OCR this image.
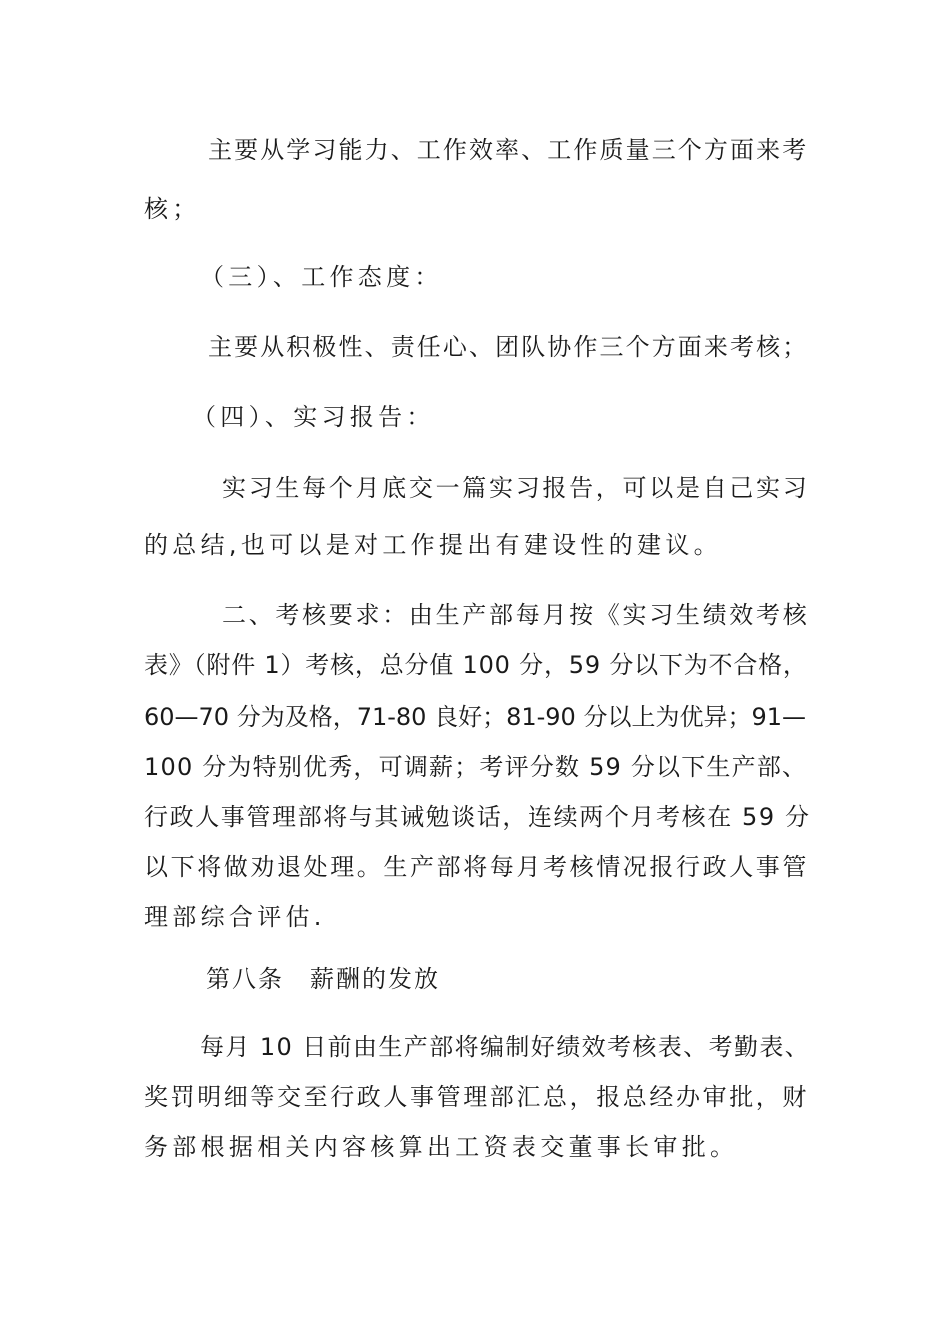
主要从学习能力、工作效率、工作质量三个方面来考

核；

（三）、工作态度：

主要从积极性、责任心、团队协作三个方面来考核；

（四）、实习报告：

实习生每个月底交一篇实习报告，可以是自己实习

的总结,也可以是对工作提出有建设性的建议。

二、考核要求：由生产部每月按《实习生绩效考核

表》（附件 1）考核，总分值 100 分，59 分以下为不合格，

60—70 分为及格，71-80 良好；81-90 分以上为优异；91—

100 分为特别优秀，可调薪；考评分数 59 分以下生产部、

行政人事管理部将与其诫勉谈话，连续两个月考核在 59 分

以下将做劝退处理。生产部将每月考核情况报行政人事管

理部综合评估.

第八条　薪酬的发放

每月 10 日前由生产部将编制好绩效考核表、考勤表、

奖罚明细等交至行政人事管理部汇总，报总经办审批，财

务部根据相关内容核算出工资表交董事长审批。
